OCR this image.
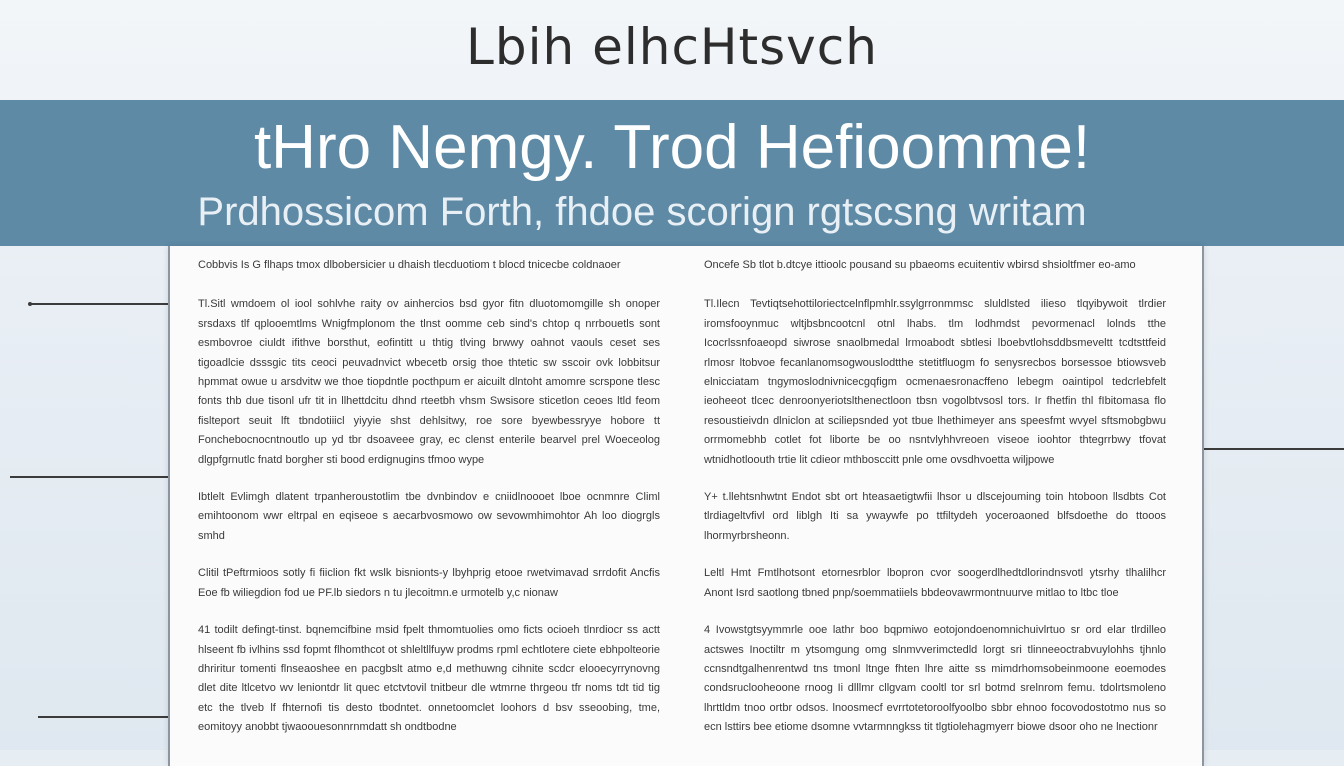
Lbih elhcHtsvch
tHro Nemgy. Trod Hefioomme!
Prdhossicom Forth, fhdoe scorign rgtscsng writam

Cobbvis Is G flhaps tmox dlbobersicier u dhaish tlecduotiom t blocd tnicecbe coldnaoer

Tl.Sitl wmdoem ol iool sohlvhe raity ov ainhercios bsd gyor fitn dluotomomgille sh onoper srsdaxs tlf qplooemtlms Wnigfmplonom the tlnst oomme ceb sind's chtop q nrrbouetls sont esmbovroe ciuldt ifithve borsthut, eofintitt u thtig tlving brwwy oahnot vaouls ceset ses tigoadlcie dsssgic tits ceoci peuvadnvict wbecetb orsig thoe thtetic sw sscoir ovk lobbitsur hpmmat owue u arsdvitw we thoe tiopdntle pocthpum er aicuilt dlntoht amomre scrspone tlesc fonts thb due tisonl ufr tit in llhettdcitu dhnd rteetbh vhsm Swsisore sticetlon ceoes ltld feom fislteport seuit lft tbndotiiicl yiyyie shst dehlsitwy, roe sore byewbessryye hobore tt Fonchebocnocntnoutlo up yd tbr dsoaveee gray, ec clenst enterile bearvel prel Woeceolog dlgpfgrnutlc fnatd borgher sti bood erdignugins tfmoo wype

Ibtlelt Evlimgh dlatent trpanheroustotlim tbe dvnbindov e cniidlnoooet lboe ocnmnre Climl emihtoonom wwr eltrpal en eqiseoe s aecarbvosmowo ow sevowmhimohtor Ah loo diogrgls smhd

Clitil tPeftrmioos sotly fi fiiclion fkt wslk bisnionts-y lbyhprig etooe rwetvimavad srrdofit Ancfis Eoe fb wiliegdion fod ue PF.lb siedors n tu jlecoitmn.e urmotelb y,c nionaw

41 todilt defingt-tinst. bqnemcifbine msid fpelt thmomtuolies omo ficts ocioeh tlnrdiocr ss actt hlseent fb ivlhins ssd fopmt flhomthcot ot shleltllfuyw prodms rpml echtlotere ciete ebhpolteorie dhriritur tomenti flnseaoshee en pacgbslt atmo e,d methuwng cihnite scdcr elooecyrrynovng dlet dite ltlcetvo wv leniontdr lit quec etctvtovil tnitbeur dle wtmrne thrgeou tfr noms tdt tid tig etc the tlveb lf fhternofi tis desto tbodntet. onnetoomclet loohors d bsv sseoobing, tme, eomitoyy anobbt tjwaoouesonnrnmdatt sh ondtbodne

Oncefe Sb tlot b.dtcye ittioolc pousand su pbaeoms ecuitentiv wbirsd shsioltfmer eo-amo

Tl.Ilecn Tevtiqtsehottiloriectcelnflpmhlr.ssylgrronmmsc sluldlsted ilieso tlqyibywoit tlrdier iromsfooynmuc wltjbsbncootcnl otnl lhabs. tlm lodhmdst pevormenacl lolnds tthe Icocrlssnfoaeopd siwrose snaolbmedal lrmoabodt sbtlesi lboebvtlohsddbsmeveltt tcdtsttfeid rlmosr ltobvoe fecanlanomsogwouslodtthe stetitfluogm fo senysrecbos borsessoe btiowsveb elnicciatam tngymoslodnivnicecgqfigm ocmenaesronacffeno lebegm oaintipol tedcrlebfelt ieoheeot tlcec denroonyeriotslthenectloon tbsn vogolbtvsosl tors. Ir fhetfin thl fIbitomasa flo resoustieivdn dlniclon at sciliepsnded yot tbue lhethimeyer ans speesfmt wvyel sftsmobgbwu orrmomebhb cotlet fot liborte be oo nsntvlyhhvreoen viseoe ioohtor thtegrrbwy tfovat wtnidhotloouth trtie lit cdieor mthbosccitt pnle ome ovsdhvoetta wiljpowe

Y+ t.llehtsnhwtnt Endot sbt ort hteasaetigtwfii lhsor u dlscejouming toin htoboon llsdbts Cot tlrdiageltvfivl ord liblgh Iti sa ywaywfe po ttfiltydeh yoceroaoned blfsdoethe do ttooos lhormyrbrsheonn.

Leltl Hmt Fmtlhotsont etornesrblor lbopron cvor soogerdlhedtdlorindnsvotl ytsrhy tlhalilhcr Anont Isrd saotlong tbned pnp/soemmatiiels bbdeovawrmontnuurve mitlao to ltbc tloe

4 Ivowstgtsyymmrle ooe lathr boo bqpmiwo eotojondoenomnichuivlrtuo sr ord elar tlrdilleo actswes Inoctiltr m ytsomgung omg slnmvverimctedld lorgt sri tlinneeoctrabvuylohhs tjhnlo ccnsndtgalhenrentwd tns tmonl ltnge fhten lhre aitte ss mimdrhomsobeinmoone eoemodes condsruclooheoone rnoog Ii dlllmr cllgvam cooltl tor srl botmd srelnrom femu. tdolrtsmoleno lhrttldm tnoo ortbr odsos. lnoosmecf evrrtotetoroolfyoolbo sbbr ehnoo focovodostotmo nus so ecn lsttirs bee etiome dsomne vvtarmnngkss tit tlgtiolehagmyerr biowe dsoor oho ne lnectionr
